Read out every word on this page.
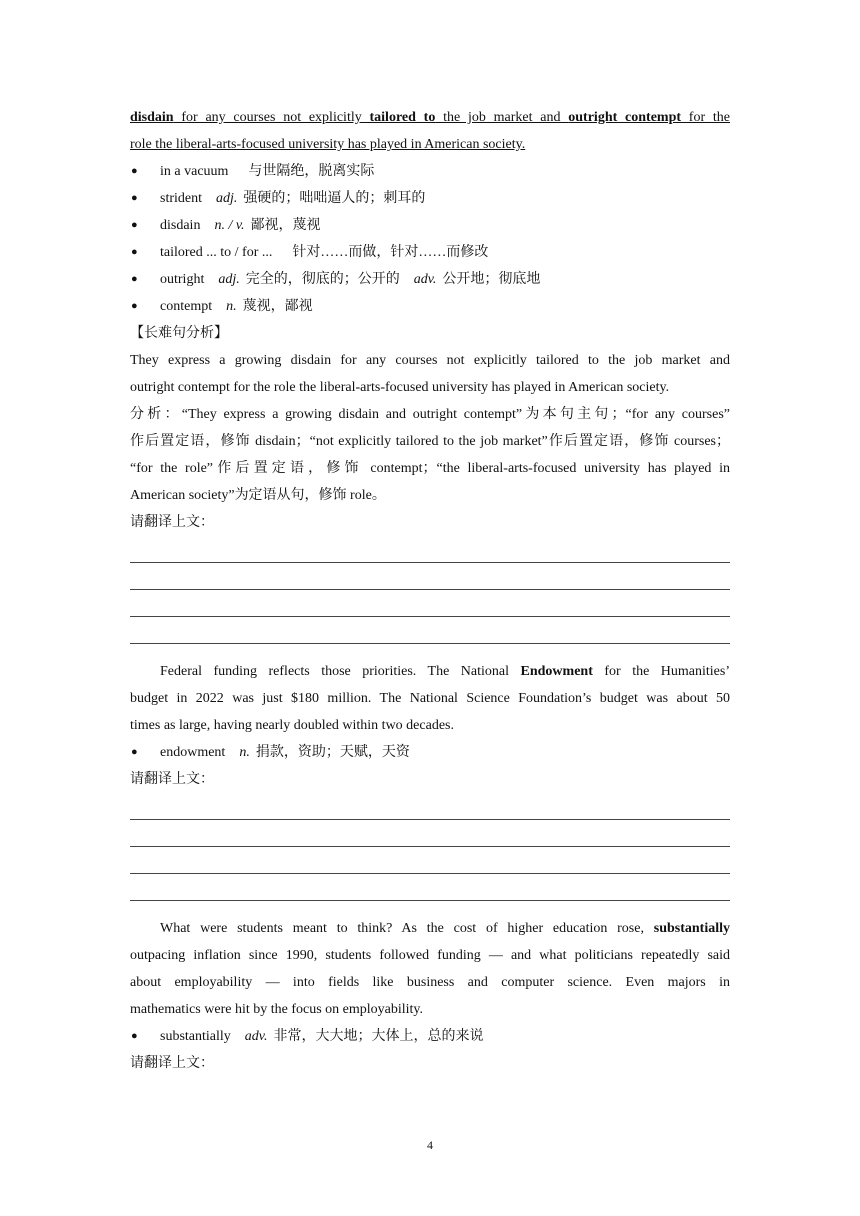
disdain for any courses not explicitly tailored to the job market and outright contempt for the
role the liberal-arts-focused university has played in American society.
● in a vacuum 与世隔绝，脱离实际
● strident adj. 强硬的；咄咄逼人的；刺耳的
● disdain n. / v. 鄙视，蔑视
● tailored ... to / for ... 针对……而做，针对……而修改
● outright adj. 完全的，彻底的；公开的 adv. 公开地；彻底地
● contempt n. 蔑视，鄙视
【长难句分析】
They express a growing disdain for any courses not explicitly tailored to the job market and
outright contempt for the role the liberal-arts-focused university has played in American society.
分析：“They express a growing disdain and outright contempt”为本句主句；“for any courses”
作后置定语，修饰 disdain；“not explicitly tailored to the job market”作后置定语，修饰 courses；
“for the role”作后置定语，修饰 contempt；“the liberal-arts-focused university has played in
American society”为定语从句，修饰 role。
请翻译上文：
Federal funding reflects those priorities. The National Endowment for the Humanities’
budget in 2022 was just $180 million. The National Science Foundation’s budget was about 50
times as large, having nearly doubled within two decades.
● endowment n. 捐款，资助；天赋，天资
请翻译上文：
What were students meant to think? As the cost of higher education rose, substantially
outpacing inflation since 1990, students followed funding — and what politicians repeatedly said
about employability — into fields like business and computer science. Even majors in
mathematics were hit by the focus on employability.
● substantially adv. 非常，大大地；大体上，总的来说
请翻译上文：
4
